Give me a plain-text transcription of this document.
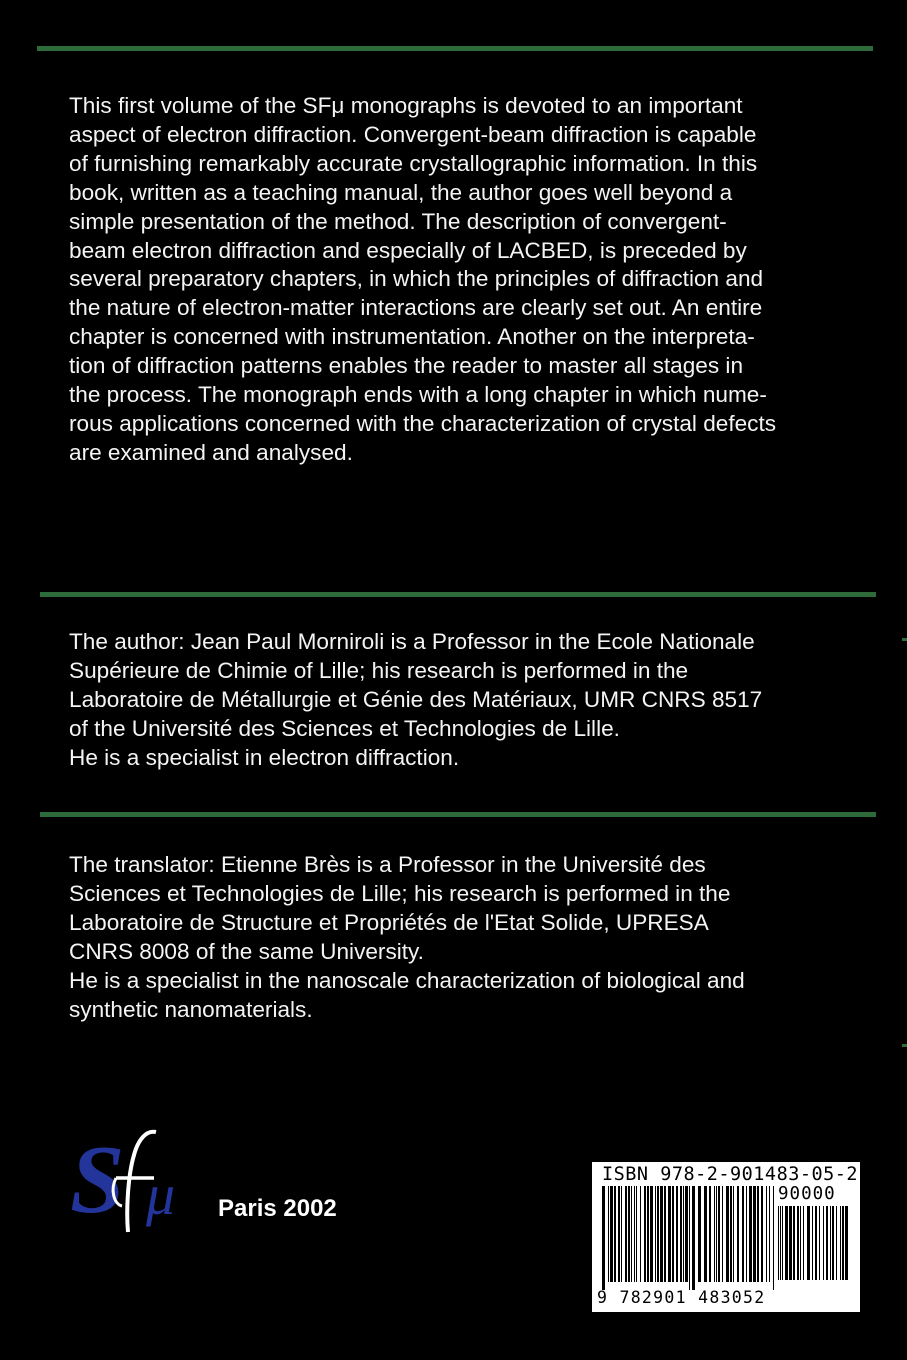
This first volume of the SFμ monographs is devoted to an important
aspect of electron diffraction. Convergent-beam diffraction is capable
of furnishing remarkably accurate crystallographic information. In this
book, written as a teaching manual, the author goes well beyond a
simple presentation of the method. The description of convergent-
beam electron diffraction and especially of LACBED, is preceded by
several preparatory chapters, in which the principles of diffraction and
the nature of electron-matter interactions are clearly set out. An entire
chapter is concerned with instrumentation. Another on the interpreta-
tion of diffraction patterns enables the reader to master all stages in
the process. The monograph ends with a long chapter in which nume-
rous applications concerned with the characterization of crystal defects
are examined and analysed.

The author: Jean Paul Morniroli is a Professor in the Ecole Nationale
Supérieure de Chimie of Lille; his research is performed in the
Laboratoire de Métallurgie et Génie des Matériaux, UMR CNRS 8517
of the Université des Sciences et Technologies de Lille.
He is a specialist in electron diffraction.

The translator: Etienne Brès is a Professor in the Université des
Sciences et Technologies de Lille; his research is performed in the
Laboratoire de Structure et Propriétés de l'Etat Solide, UPRESA
CNRS 8008 of the same University.
He is a specialist in the nanoscale characterization of biological and
synthetic nanomaterials.

S μ Paris 2002
ISBN 978-2-901483-05-2
90000
9 782901 483052
